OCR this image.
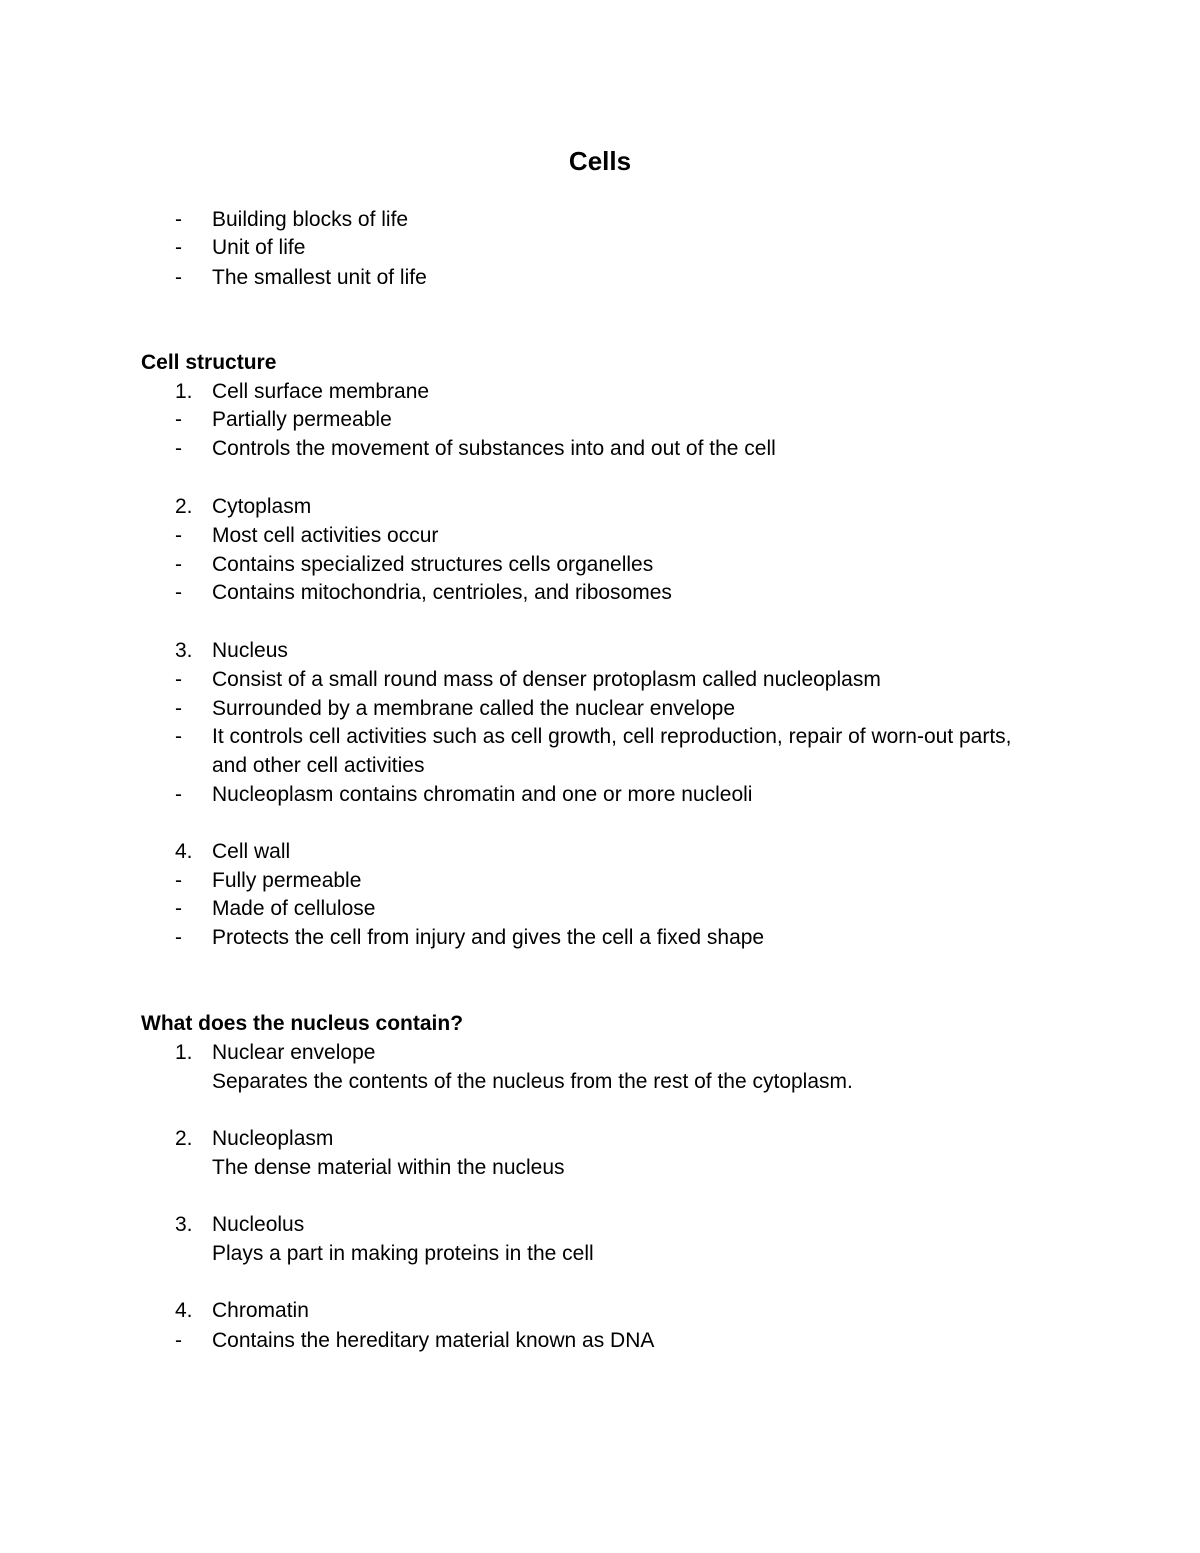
Cells
-	Building blocks of life
-	Unit of life
-	The smallest unit of life
Cell structure
1. Cell surface membrane
-	Partially permeable
-	Controls the movement of substances into and out of the cell
2. Cytoplasm
-	Most cell activities occur
-	Contains specialized structures cells organelles
-	Contains mitochondria, centrioles, and ribosomes
3. Nucleus
-	Consist of a small round mass of denser protoplasm called nucleoplasm
-	Surrounded by a membrane called the nuclear envelope
-	It controls cell activities such as cell growth, cell reproduction, repair of worn-out parts,
and other cell activities
-	Nucleoplasm contains chromatin and one or more nucleoli
4. Cell wall
-	Fully permeable
-	Made of cellulose
-	Protects the cell from injury and gives the cell a fixed shape
What does the nucleus contain?
1. Nuclear envelope
Separates the contents of the nucleus from the rest of the cytoplasm.
2. Nucleoplasm
The dense material within the nucleus
3. Nucleolus
Plays a part in making proteins in the cell
4. Chromatin
-	Contains the hereditary material known as DNA
